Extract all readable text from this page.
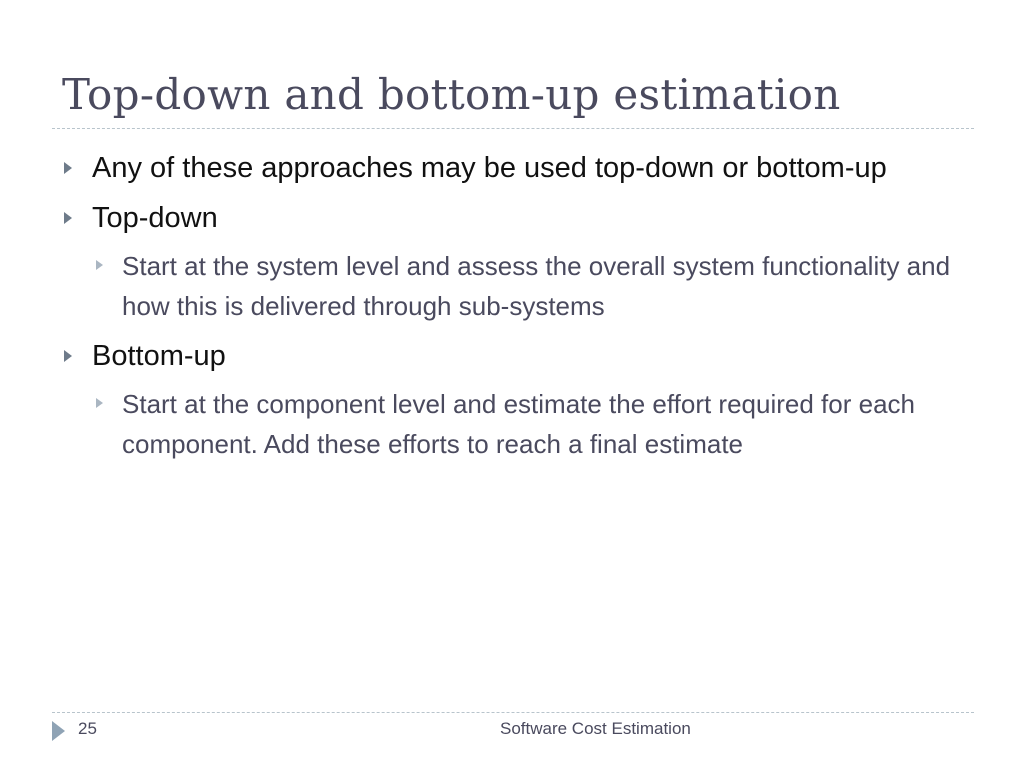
Top-down and bottom-up estimation
Any of these approaches may be used top-down or bottom-up
Top-down
Start at the system level and assess the overall system functionality and how this is delivered through sub-systems
Bottom-up
Start at the component level and estimate the effort required for each component. Add these efforts to reach a final estimate
25	Software Cost Estimation
